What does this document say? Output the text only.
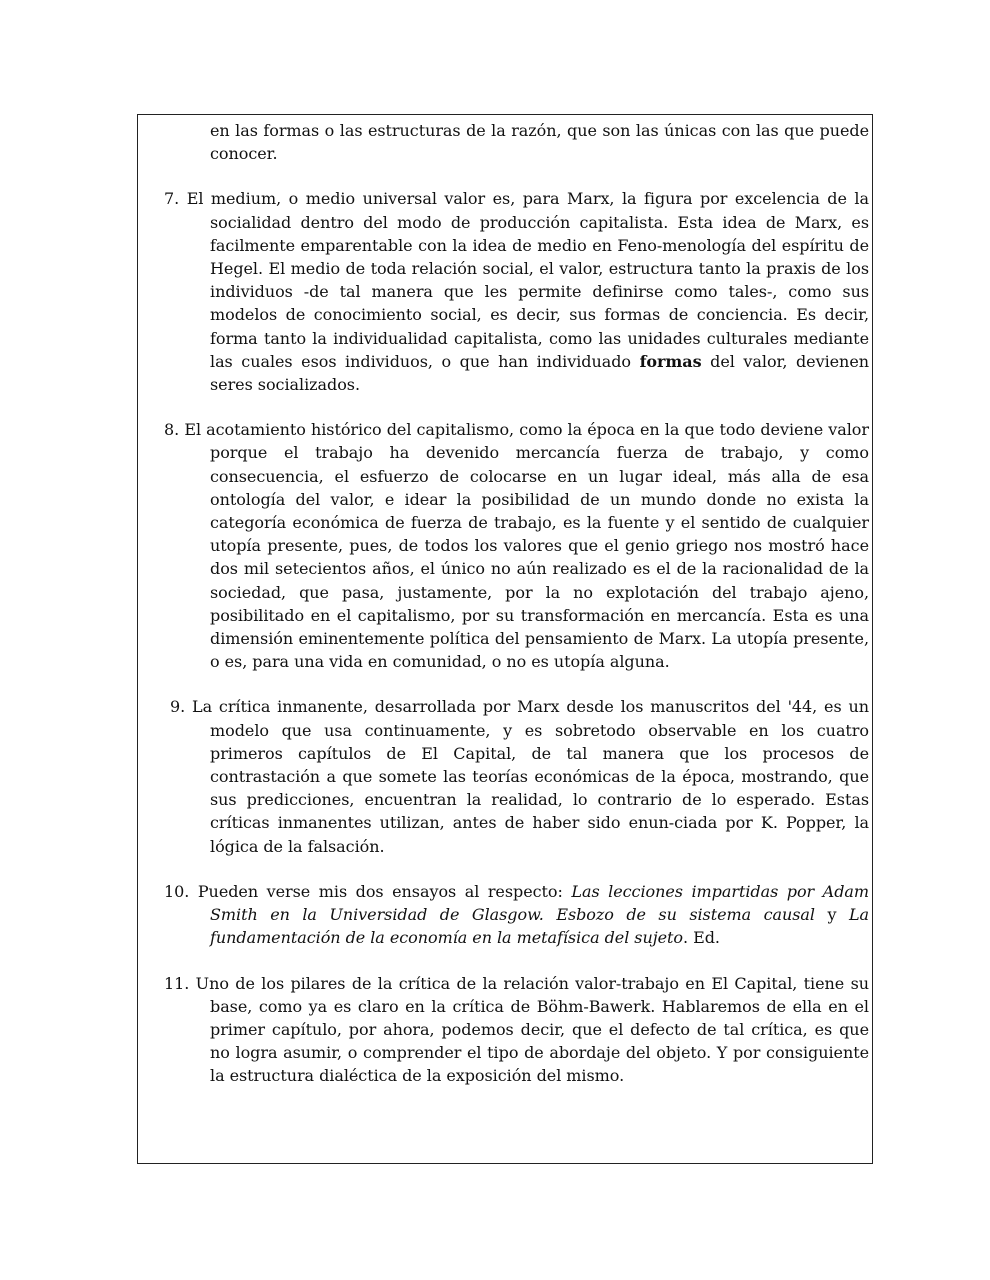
en las formas o las estructuras de la razón, que son las únicas con las que puede conocer.

7. El medium, o medio universal valor es, para Marx, la figura por excelencia de la socialidad dentro del modo de producción capitalista. Esta idea de Marx, es facilmente emparentable con la idea de medio en Feno-menología del espíritu de Hegel. El medio de toda relación social, el valor, estructura tanto la praxis de los individuos -de tal manera que les permite definirse como tales-, como sus modelos de conocimiento social, es decir, sus formas de conciencia. Es decir, forma tanto la individualidad capitalista, como las unidades culturales mediante las cuales esos individuos, o que han individuado formas del valor, devienen seres socializados.

8. El acotamiento histórico del capitalismo, como la época en la que todo deviene valor porque el trabajo ha devenido mercancía fuerza de trabajo, y como consecuencia, el esfuerzo de colocarse en un lugar ideal, más alla de esa ontología del valor, e idear la posibilidad de un mundo donde no exista la categoría económica de fuerza de trabajo, es la fuente y el sentido de cualquier utopía presente, pues, de todos los valores que el genio griego nos mostró hace dos mil setecientos años, el único no aún realizado es el de la racionalidad de la sociedad, que pasa, justamente, por la no explotación del trabajo ajeno, posibilitado en el capitalismo, por su transformación en mercancía. Esta es una dimensión eminentemente política del pensamiento de Marx. La utopía presente, o es, para una vida en comunidad, o no es utopía alguna.

9. La crítica inmanente, desarrollada por Marx desde los manuscritos del '44, es un modelo que usa continuamente, y es sobretodo observable en los cuatro primeros capítulos de El Capital, de tal manera que los procesos de contrastación a que somete las teorías económicas de la época, mostrando, que sus predicciones, encuentran la realidad, lo contrario de lo esperado. Estas críticas inmanentes utilizan, antes de haber sido enun-ciada por K. Popper, la lógica de la falsación.

10. Pueden verse mis dos ensayos al respecto: Las lecciones impartidas por Adam Smith en la Universidad de Glasgow. Esbozo de su sistema causal y La fundamentación de la economía en la metafísica del sujeto. Ed.

11. Uno de los pilares de la crítica de la relación valor-trabajo en El Capital, tiene su base, como ya es claro en la crítica de Böhm-Bawerk. Hablaremos de ella en el primer capítulo, por ahora, podemos decir, que el defecto de tal crítica, es que no logra asumir, o comprender el tipo de abordaje del objeto. Y por consiguiente la estructura dialéctica de la exposición del mismo.
